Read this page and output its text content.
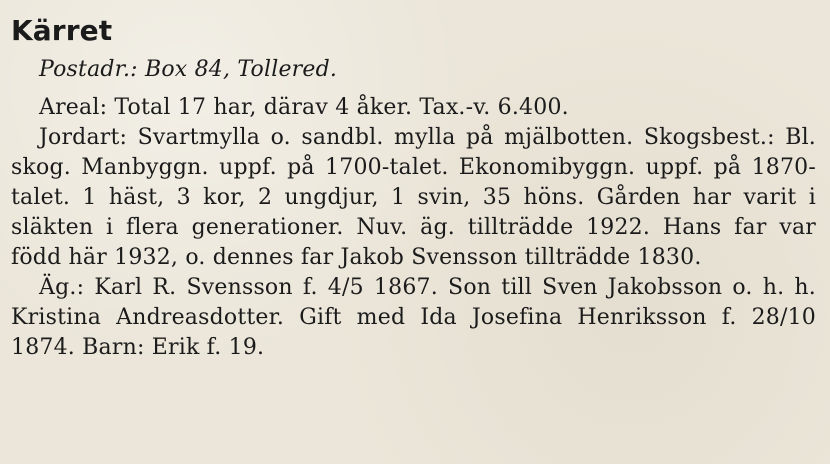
Kärret
Postadr.: Box 84, Tollered.

Areal: Total 17 har, därav 4 åker. Tax.-v. 6.400.

Jordart: Svartmylla o. sandbl. mylla på mjälbotten. Skogsbest.: Bl. skog. Manbyggn. uppf. på 1700-talet. Ekonomibyggn. uppf. på 1870-talet. 1 häst, 3 kor, 2 ungdjur, 1 svin, 35 höns. Gården har varit i släkten i flera generationer. Nuv. äg. tillträdde 1922. Hans far var född här 1932, o. dennes far Jakob Svensson tillträdde 1830.

Äg.: Karl R. Svensson f. 4/5 1867. Son till Sven Jakobsson o. h. h. Kristina Andreasdotter. Gift med Ida Josefina Henriksson f. 28/10 1874. Barn: Erik f. 19.
